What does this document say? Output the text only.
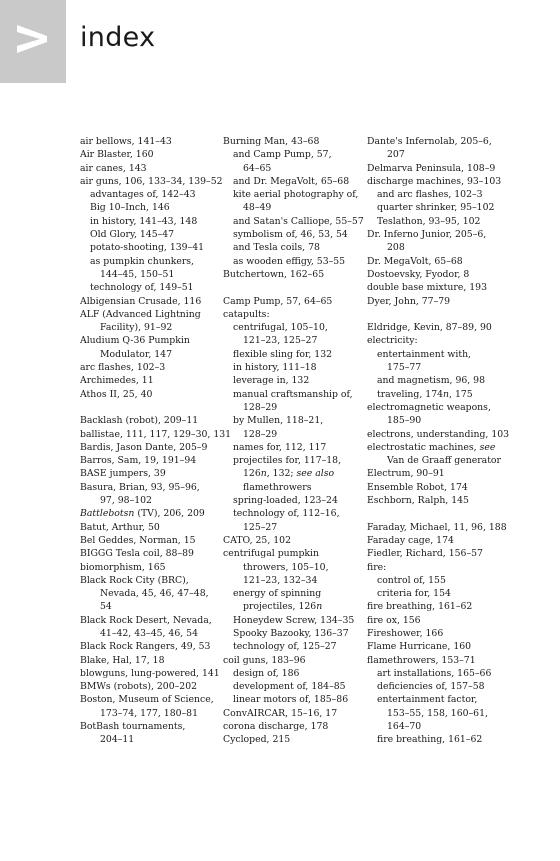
index
air bellows, 141–43
Air Blaster, 160
air canes, 143
air guns, 106, 133–34, 139–52
advantages of, 142–43
Big 10–Inch, 146
in history, 141–43, 148
Old Glory, 145–47
potato-shooting, 139–41
as pumpkin chunkers,
144–45, 150–51
technology of, 149–51
Albigensian Crusade, 116
ALF (Advanced Lightning
Facility), 91–92
Aludium Q-36 Pumpkin
Modulator, 147
arc flashes, 102–3
Archimedes, 11
Athos II, 25, 40
Backlash (robot), 209–11
ballistae, 111, 117, 129–30, 131
Bardis, Jason Dante, 205–9
Barros, Sam, 19, 191–94
BASE jumpers, 39
Basura, Brian, 93, 95–96,
97, 98–102
Battlebotsn (TV), 206, 209
Batut, Arthur, 50
Bel Geddes, Norman, 15
BIGGG Tesla coil, 88–89
biomorphism, 165
Black Rock City (BRC),
Nevada, 45, 46, 47–48,
54
Black Rock Desert, Nevada,
41–42, 43–45, 46, 54
Black Rock Rangers, 49, 53
Blake, Hal, 17, 18
blowguns, lung-powered, 141
BMWs (robots), 200–202
Boston, Museum of Science,
173–74, 177, 180–81
BotBash tournaments,
204–11
Burning Man, 43–68
and Camp Pump, 57,
64–65
and Dr. MegaVolt, 65–68
kite aerial photography of,
48–49
and Satan's Calliope, 55–57
symbolism of, 46, 53, 54
and Tesla coils, 78
as wooden effigy, 53–55
Butchertown, 162–65
Camp Pump, 57, 64–65
catapults:
centrifugal, 105–10,
121–23, 125–27
flexible sling for, 132
in history, 111–18
leverage in, 132
manual craftsmanship of,
128–29
by Mullen, 118–21,
128–29
names for, 112, 117
projectiles for, 117–18,
126n, 132; see also
flamethrowers
spring-loaded, 123–24
technology of, 112–16,
125–27
CATO, 25, 102
centrifugal pumpkin
throwers, 105–10,
121–23, 132–34
energy of spinning
projectiles, 126n
Honeydew Screw, 134–35
Spooky Bazooky, 136–37
technology of, 125–27
coil guns, 183–96
design of, 186
development of, 184–85
linear motors of, 185–86
ConvAIRCAR, 15–16, 17
corona discharge, 178
Cycloped, 215
Dante's Infernolab, 205–6,
207
Delmarva Peninsula, 108–9
discharge machines, 93–103
and arc flashes, 102–3
quarter shrinker, 95–102
Teslathon, 93–95, 102
Dr. Inferno Junior, 205–6,
208
Dr. MegaVolt, 65–68
Dostoevsky, Fyodor, 8
double base mixture, 193
Dyer, John, 77–79
Eldridge, Kevin, 87–89, 90
electricity:
entertainment with,
175–77
and magnetism, 96, 98
traveling, 174n, 175
electromagnetic weapons,
185–90
electrons, understanding, 103
electrostatic machines, see
Van de Graaff generator
Electrum, 90–91
Ensemble Robot, 174
Eschborn, Ralph, 145
Faraday, Michael, 11, 96, 188
Faraday cage, 174
Fiedler, Richard, 156–57
fire:
control of, 155
criteria for, 154
fire breathing, 161–62
fire ox, 156
Fireshower, 166
Flame Hurricane, 160
flamethrowers, 153–71
art installations, 165–66
deficiencies of, 157–58
entertainment factor,
153–55, 158, 160–61,
164–70
fire breathing, 161–62
